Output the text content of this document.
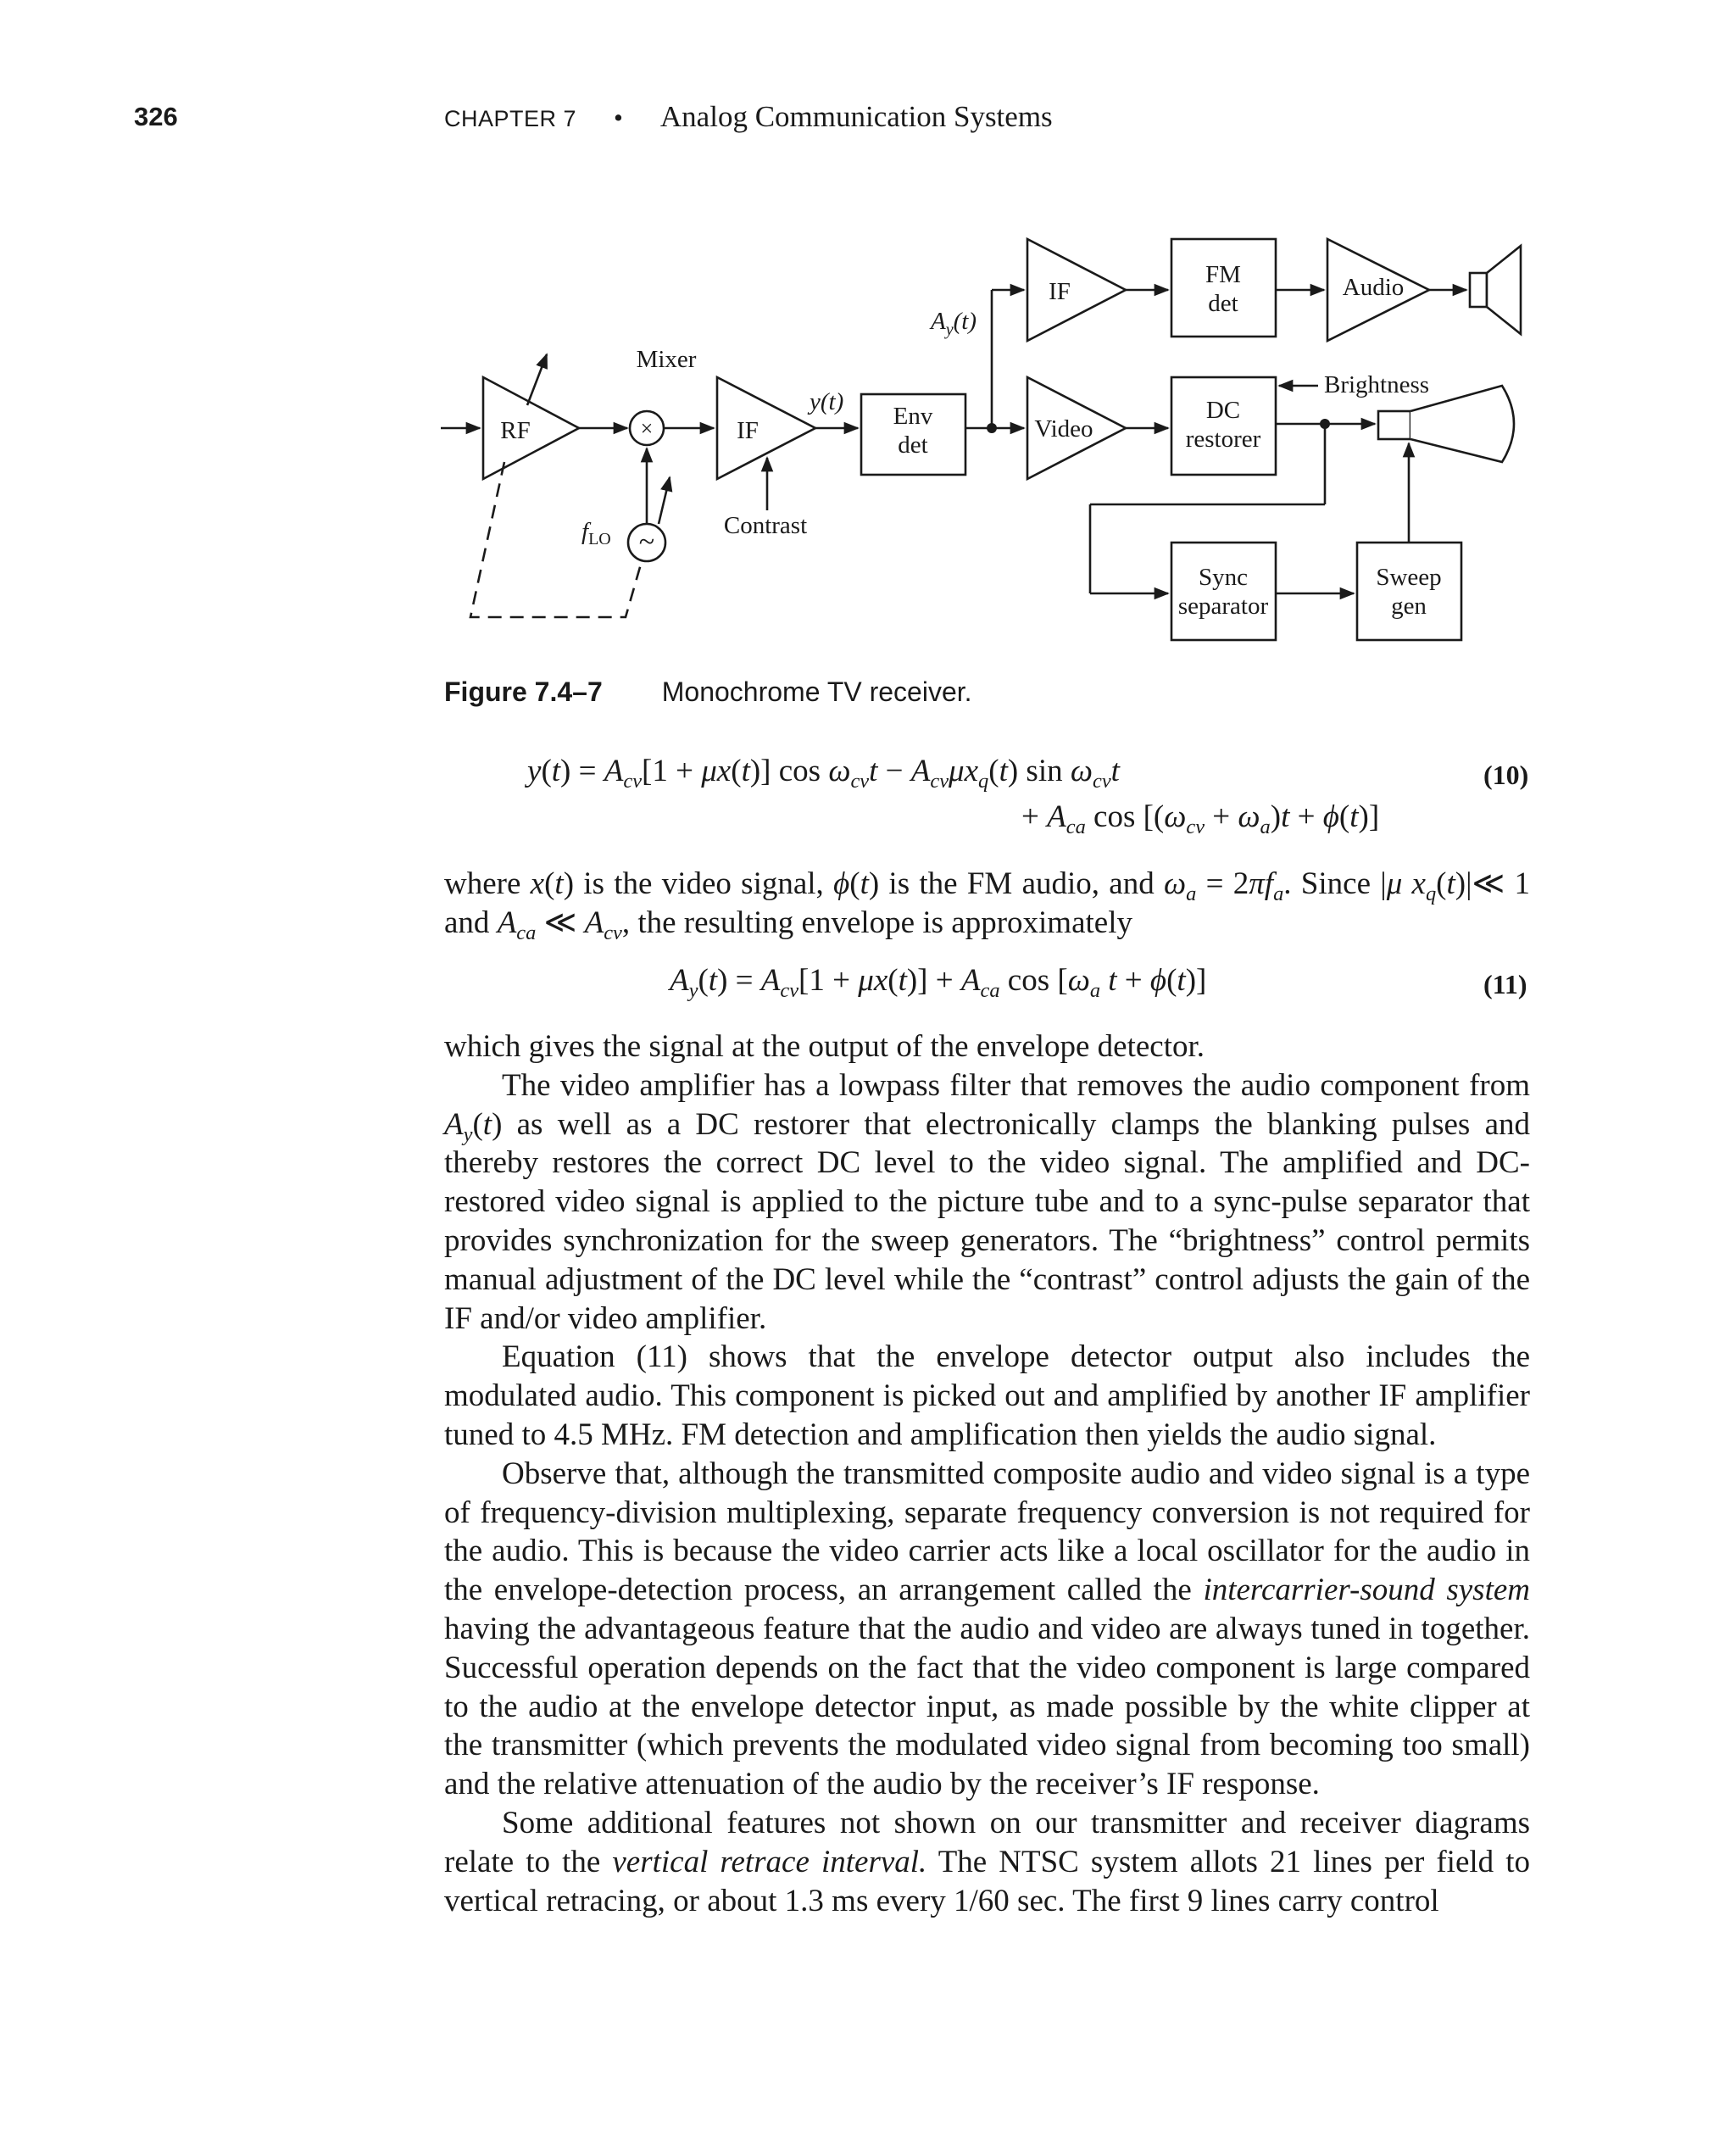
326	CHAPTER 7 • Analog Communication Systems
RF
Mixer
×
~
$f_{LO}$
IF
Contrast
y(t)
Env
det
$A_y(t)$
IF
FM
det
Audio
Video
DC
restorer
Brightness
Sync
separator
Sweep
gen
Figure 7.4–7 Monochrome TV receiver.
$y(t) = A_{cv}[1 + \mu x(t)]$ $\cos \omega_{cv}t - A_{cv}\mu x_q(t)$ $\sin \omega_{cv}t$	(10)
+ $A_{ca}$ $\cos [(\omega_{cv} + \omega_a)t + \phi(t)]$
where x(t) is the video signal, ϕ(t) is the FM audio, and $\omega_a = 2\pi f_a$. Since |μ $x_q(t)|≪$ 1 and $A_{ca}$ ≪ $A_{cv}$, the resulting envelope is approximately
$A_y(t) = A_{cv}[1 + \mu x(t)] + A_{ca}$ $\cos [\omega_a$ t + ϕ(t)]	(11)

which gives the signal at the output of the envelope detector.

The video amplifier has a lowpass filter that removes the audio component from $A_y(t)$ as well as a DC restorer that electronically clamps the blanking pulses and thereby restores the correct DC level to the video signal. The amplified and DC-restored video signal is applied to the picture tube and to a sync-pulse separator that provides synchronization for the sweep generators. The “brightness” control permits manual adjustment of the DC level while the “contrast” control adjusts the gain of the IF and/or video amplifier.

Equation (11) shows that the envelope detector output also includes the modulated audio. This component is picked out and amplified by another IF amplifier tuned to 4.5 MHz. FM detection and amplification then yields the audio signal.

Observe that, although the transmitted composite audio and video signal is a type of frequency-division multiplexing, separate frequency conversion is not required for the audio. This is because the video carrier acts like a local oscillator for the audio in the envelope-detection process, an arrangement called the intercarrier-sound system having the advantageous feature that the audio and video are always tuned in together. Successful operation depends on the fact that the video component is large compared to the audio at the envelope detector input, as made possible by the white clipper at the transmitter (which prevents the modulated video signal from becoming too small) and the relative attenuation of the audio by the receiver’s IF response.

Some additional features not shown on our transmitter and receiver diagrams relate to the vertical retrace interval. The NTSC system allots 21 lines per field to vertical retracing, or about 1.3 ms every 1/60 sec. The first 9 lines carry control
